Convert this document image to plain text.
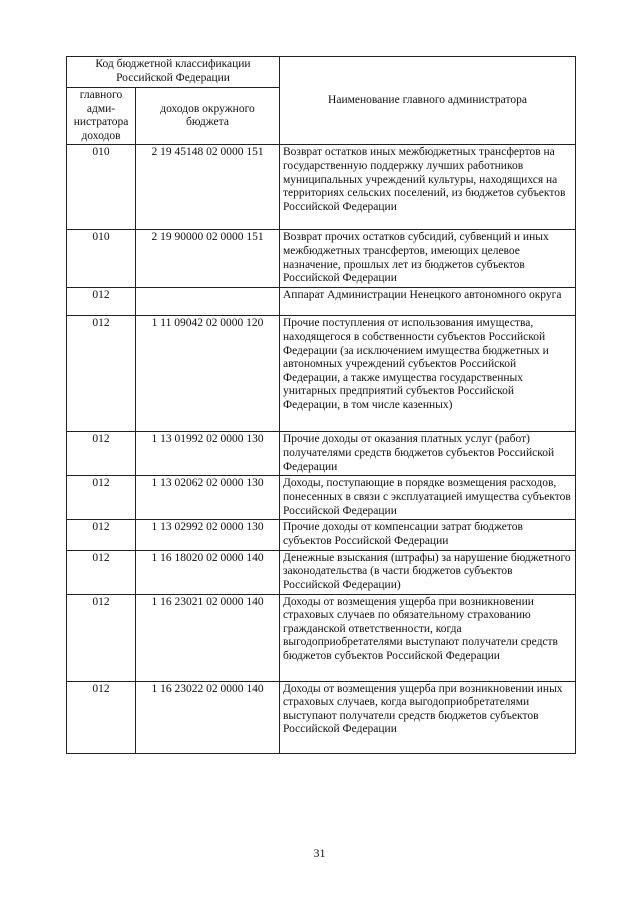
Код бюджетной классификации Российской Федерации		Наименование главного администратора
главного адми-нистратора доходов	доходов окружного бюджета	
010	2 19 45148 02 0000 151	Возврат остатков иных межбюджетных трансфертов на государственную поддержку лучших работников муниципальных учреждений культуры, находящихся на территориях сельских поселений, из бюджетов субъектов Российской Федерации
010	2 19 90000 02 0000 151	Возврат прочих остатков субсидий, субвенций и иных межбюджетных трансфертов, имеющих целевое назначение, прошлых лет из бюджетов субъектов Российской Федерации
012		Аппарат Администрации Ненецкого автономного округа
012	1 11 09042 02 0000 120	Прочие поступления от использования имущества, находящегося в собственности субъектов Российской Федерации (за исключением имущества бюджетных и автономных учреждений субъектов Российской Федерации, а также имущества государственных унитарных предприятий субъектов Российской Федерации, в том числе казенных)
012	1 13 01992 02 0000 130	Прочие доходы от оказания платных услуг (работ) получателями средств бюджетов субъектов Российской Федерации
012	1 13 02062 02 0000 130	Доходы, поступающие в порядке возмещения расходов, понесенных в связи с эксплуатацией имущества субъектов Российской Федерации
012	1 13 02992 02 0000 130	Прочие доходы от компенсации затрат бюджетов субъектов Российской Федерации
012	1 16 18020 02 0000 140	Денежные взыскания (штрафы) за нарушение бюджетного законодательства (в части бюджетов субъектов Российской Федерации)
012	1 16 23021 02 0000 140	Доходы от возмещения ущерба при возникновении страховых случаев по обязательному страхованию гражданской ответственности, когда выгодоприобретателями выступают получатели средств бюджетов субъектов Российской Федерации
012	1 16 23022 02 0000 140	Доходы от возмещения ущерба при возникновении иных страховых случаев, когда выгодоприобретателями выступают получатели средств бюджетов субъектов Российской Федерации
31
